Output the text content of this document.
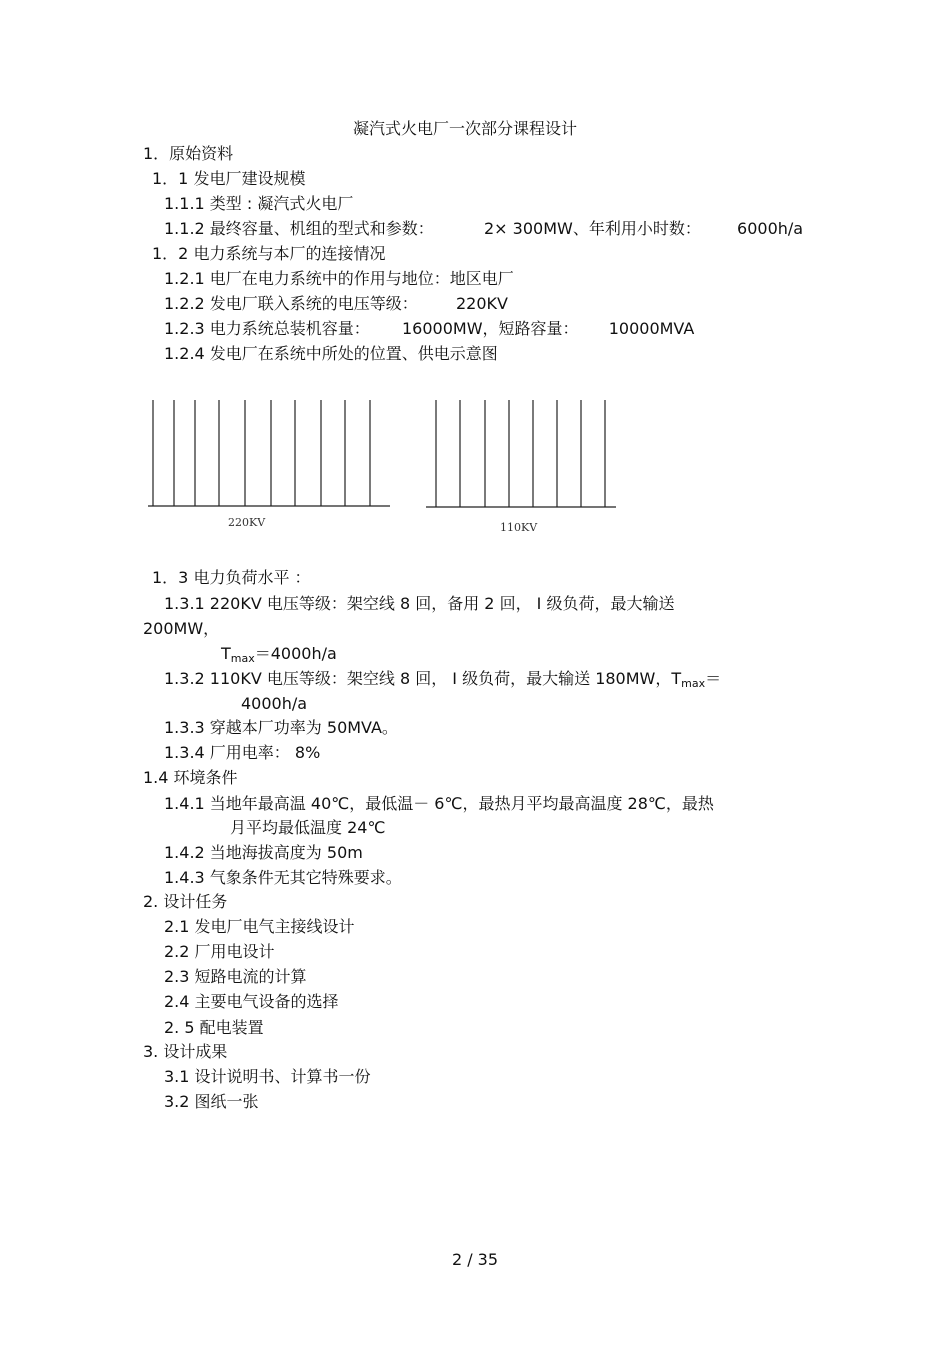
凝汽式火电厂一次部分课程设计
1．原始资料
1．1 发电厂建设规模
1.1.1 类型 : 凝汽式火电厂
1.1.2 最终容量、机组的型式和参数：	2× 300MW、年利用小时数： 6000h/a
1．2 电力系统与本厂的连接情况
1.2.1 电厂在电力系统中的作用与地位：地区电厂
1.2.2 发电厂联入系统的电压等级： 220KV
1.2.3 电力系统总装机容量： 16000MW，短路容量： 10000MVA
1.2.4 发电厂在系统中所处的位置、供电示意图
220KV	110KV
1．3 电力负荷水平 ：
1.3.1 220KV 电压等级：架空线 8 回，备用 2 回， Ⅰ 级负荷，最大输送
200MW，
$T_{max}=4000h/a$
1.3.2 110KV 电压等级：架空线 8 回， Ⅰ 级负荷，最大输送 180MW，$T_{max}=$
4000h/a
1.3.3 穿越本厂功率为 50MVA。
1.3.4 厂用电率： 8%
1.4 环境条件
1.4.1 当地年最高温 40℃，最低温－ 6℃，最热月平均最高温度 28℃，最热
月平均最低温度 24℃
1.4.2 当地海拔高度为 50m
1.4.3 气象条件无其它特殊要求。
2. 设计任务
2.1 发电厂电气主接线设计
2.2 厂用电设计
2.3 短路电流的计算
2.4 主要电气设备的选择
2. 5 配电装置
3. 设计成果
3.1 设计说明书、计算书一份
3.2 图纸一张
2 / 35
